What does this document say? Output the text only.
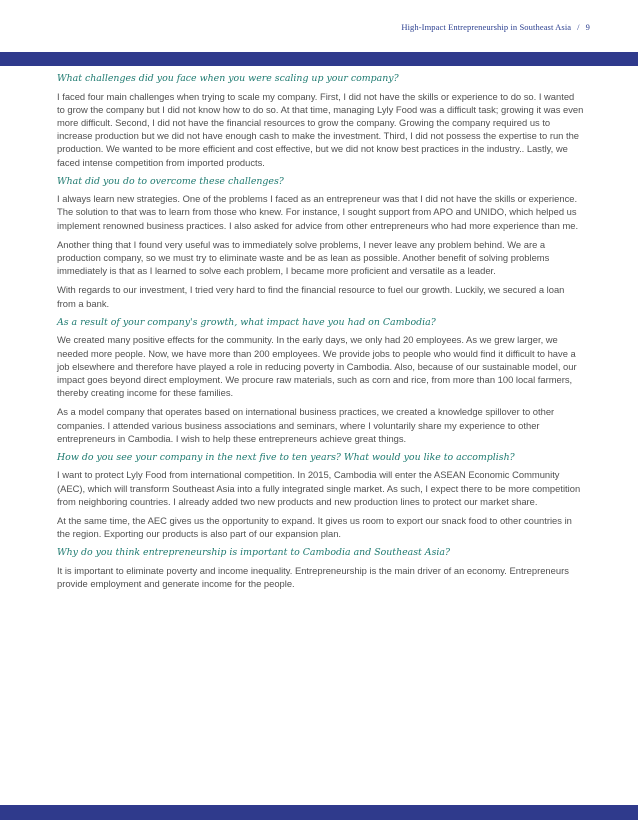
High-Impact Entrepreneurship in Southeast Asia / 9

What challenges did you face when you were scaling up your company?

I faced four main challenges when trying to scale my company. First, I did not have the skills or experience to do so. I wanted to grow the company but I did not know how to do so. At that time, managing Lyly Food was a difficult task; growing it was even more difficult. Second, I did not have the financial resources to grow the company. Growing the company required us to increase production but we did not have enough cash to make the investment. Third, I did not possess the expertise to run the production. We wanted to be more efficient and cost effective, but we did not know best practices in the industry.. Lastly, we faced intense competition from imported products.

What did you do to overcome these challenges?

I always learn new strategies. One of the problems I faced as an entrepreneur was that I did not have the skills or experience. The solution to that was to learn from those who knew. For instance, I sought support from APO and UNIDO, which helped us implement renowned business practices. I also asked for advice from other entrepreneurs who had more experience than me.

Another thing that I found very useful was to immediately solve problems, I never leave any problem behind. We are a production company, so we must try to eliminate waste and be as lean as possible. Another benefit of solving problems immediately is that as I learned to solve each problem, I became more proficient and versatile as a leader.

With regards to our investment, I tried very hard to find the financial resource to fuel our growth. Luckily, we secured a loan from a bank.

As a result of your company's growth, what impact have you had on Cambodia?

We created many positive effects for the community. In the early days, we only had 20 employees. As we grew larger, we needed more people. Now, we have more than 200 employees. We provide jobs to people who would find it difficult to have a job elsewhere and therefore have played a role in reducing poverty in Cambodia. Also, because of our sustainable model, our impact goes beyond direct employment. We procure raw materials, such as corn and rice, from more than 100 local farmers, thereby creating income for these families.

As a model company that operates based on international business practices, we created a knowledge spillover to other companies. I attended various business associations and seminars, where I voluntarily share my experience to other entrepreneurs in Cambodia. I wish to help these entrepreneurs achieve great things.

How do you see your company in the next five to ten years? What would you like to accomplish?

I want to protect Lyly Food from international competition. In 2015, Cambodia will enter the ASEAN Economic Community (AEC), which will transform Southeast Asia into a fully integrated single market. As such, I expect there to be more competition from neighboring countries. I already added two new products and new production lines to protect our market share.

At the same time, the AEC gives us the opportunity to expand. It gives us room to export our snack food to other countries in the region. Exporting our products is also part of our expansion plan.

Why do you think entrepreneurship is important to Cambodia and Southeast Asia?

It is important to eliminate poverty and income inequality. Entrepreneurship is the main driver of an economy. Entrepreneurs provide employment and generate income for the people.
